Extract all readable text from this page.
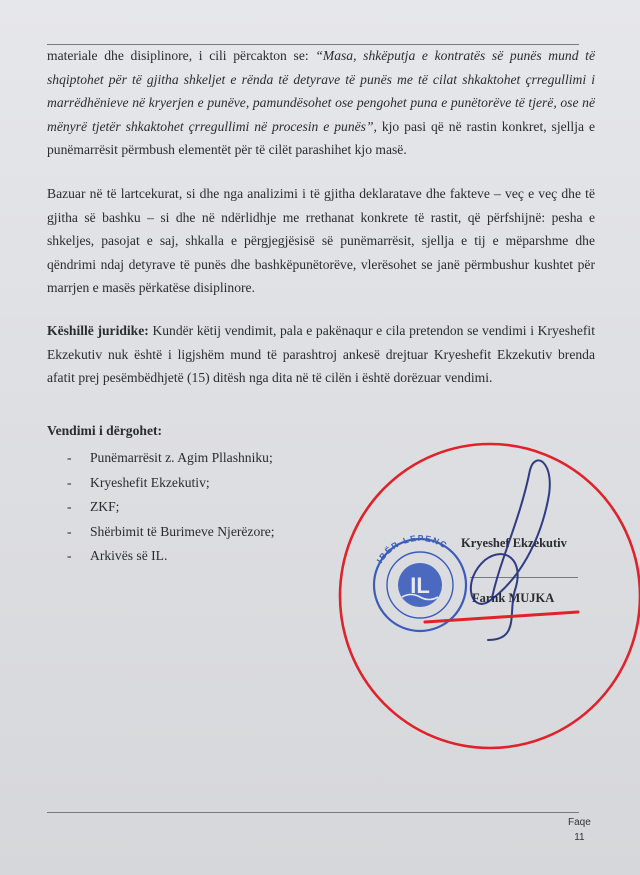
materiale dhe disiplinore, i cili përcakton se: “Masa, shkëputja e kontratës së punës mund të shqiptohet për të gjitha shkeljet e rënda të detyrave të punës me të cilat shkaktohet çrregullimi i marrëdhënieve në kryerjen e punëve, pamundësohet ose pengohet puna e punëtorëve të tjerë, ose në mënyrë tjetër shkaktohet çrregullimi në procesin e punës”, kjo pasi që në rastin konkret, sjellja e punëmarrësit përmbush elementët për të cilët parashihet kjo masë.
Bazuar në të lartcekurat, si dhe nga analizimi i të gjitha deklaratave dhe fakteve – veç e veç dhe të gjitha së bashku – si dhe në ndërlidhje me rrethanat konkrete të rastit, që përfshijnë: pesha e shkeljes, pasojat e saj, shkalla e përgjegjësisë së punëmarrësit, sjellja e tij e mëparshme dhe qëndrimi ndaj detyrave të punës dhe bashkëpunëtorëve, vlerësohet se janë përmbushur kushtet për marrjen e masës përkatëse disiplinore.
Këshillë juridike: Kundër këtij vendimit, pala e pakënaqur e cila pretendon se vendimi i Kryeshefit Ekzekutiv nuk është i ligjshëm mund të parashtroj ankesë drejtuar Kryeshefit Ekzekutiv brenda afatit prej pesëmbëdhjetë (15) ditësh nga dita në të cilën i është dorëzuar vendimi.
Vendimi i dërgohet:
- Punëmarrësit z. Agim Pllashniku;
- Kryeshefit Ekzekutiv;
- ZKF;
- Shërbimit të Burimeve Njerëzore;
- Arkivës së IL.	IBËR-LEPENC
IL
Kryeshef Ekzekutiv
Farnk MUJKA
Faqe
11
